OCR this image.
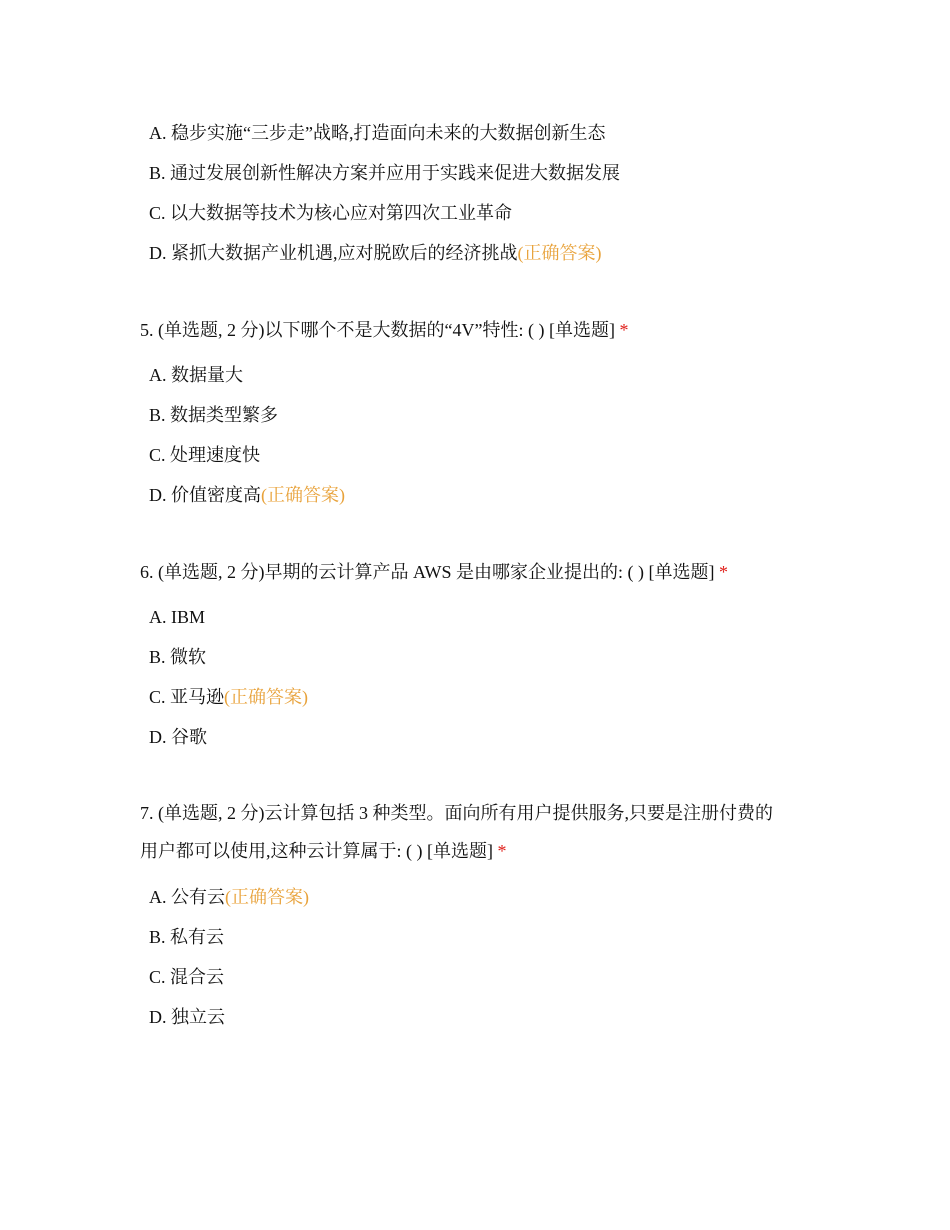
A. 稳步实施“三步走”战略,打造面向未来的大数据创新生态
B. 通过发展创新性解决方案并应用于实践来促进大数据发展
C. 以大数据等技术为核心应对第四次工业革命
D. 紧抓大数据产业机遇,应对脱欧后的经济挑战(正确答案)
5. (单选题, 2 分)以下哪个不是大数据的“4V”特性: ( ) [单选题] *
A. 数据量大
B. 数据类型繁多
C. 处理速度快
D. 价值密度高(正确答案)
6. (单选题, 2 分)早期的云计算产品 AWS 是由哪家企业提出的: ( ) [单选题] *
A. IBM
B. 微软
C. 亚马逊(正确答案)
D. 谷歌
7. (单选题, 2 分)云计算包括 3 种类型。面向所有用户提供服务,只要是注册付费的
用户都可以使用,这种云计算属于: ( ) [单选题] *
A. 公有云(正确答案)
B. 私有云
C. 混合云
D. 独立云
